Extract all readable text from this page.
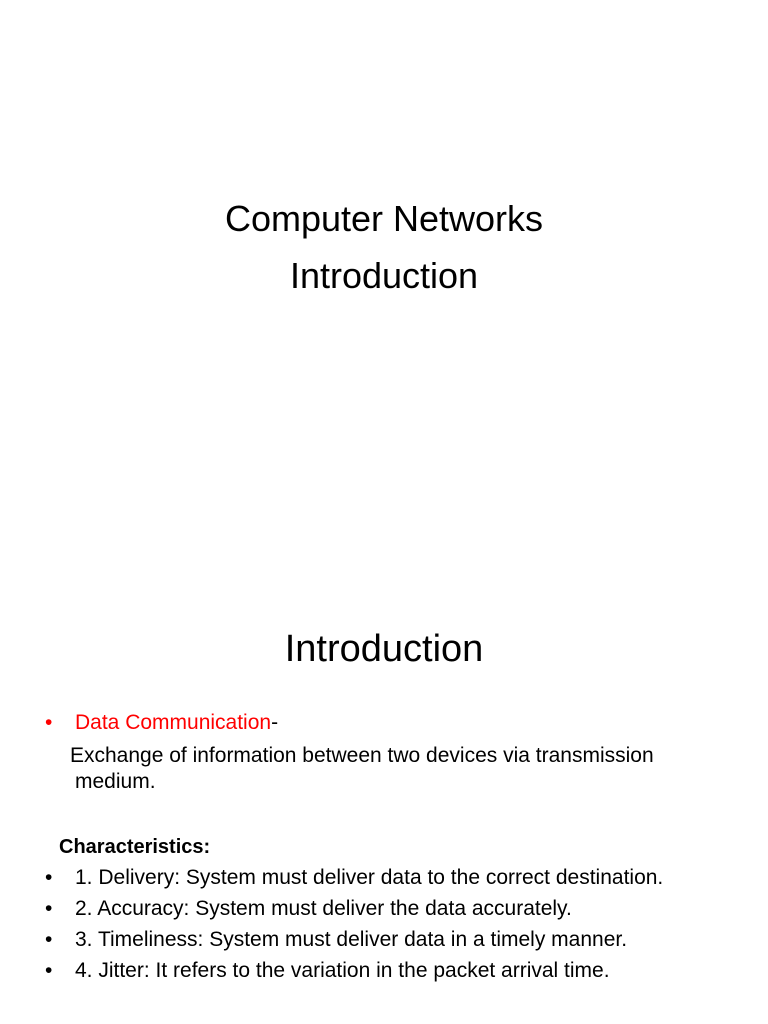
Computer Networks
Introduction
Introduction
•	Data Communication-
Exchange of information between two devices via transmission medium.
Characteristics:
• 1. Delivery: System must deliver data to the correct destination.
• 2. Accuracy: System must deliver the data accurately.
• 3. Timeliness: System must deliver data in a timely manner.
• 4. Jitter: It refers to the variation in the packet arrival time.
